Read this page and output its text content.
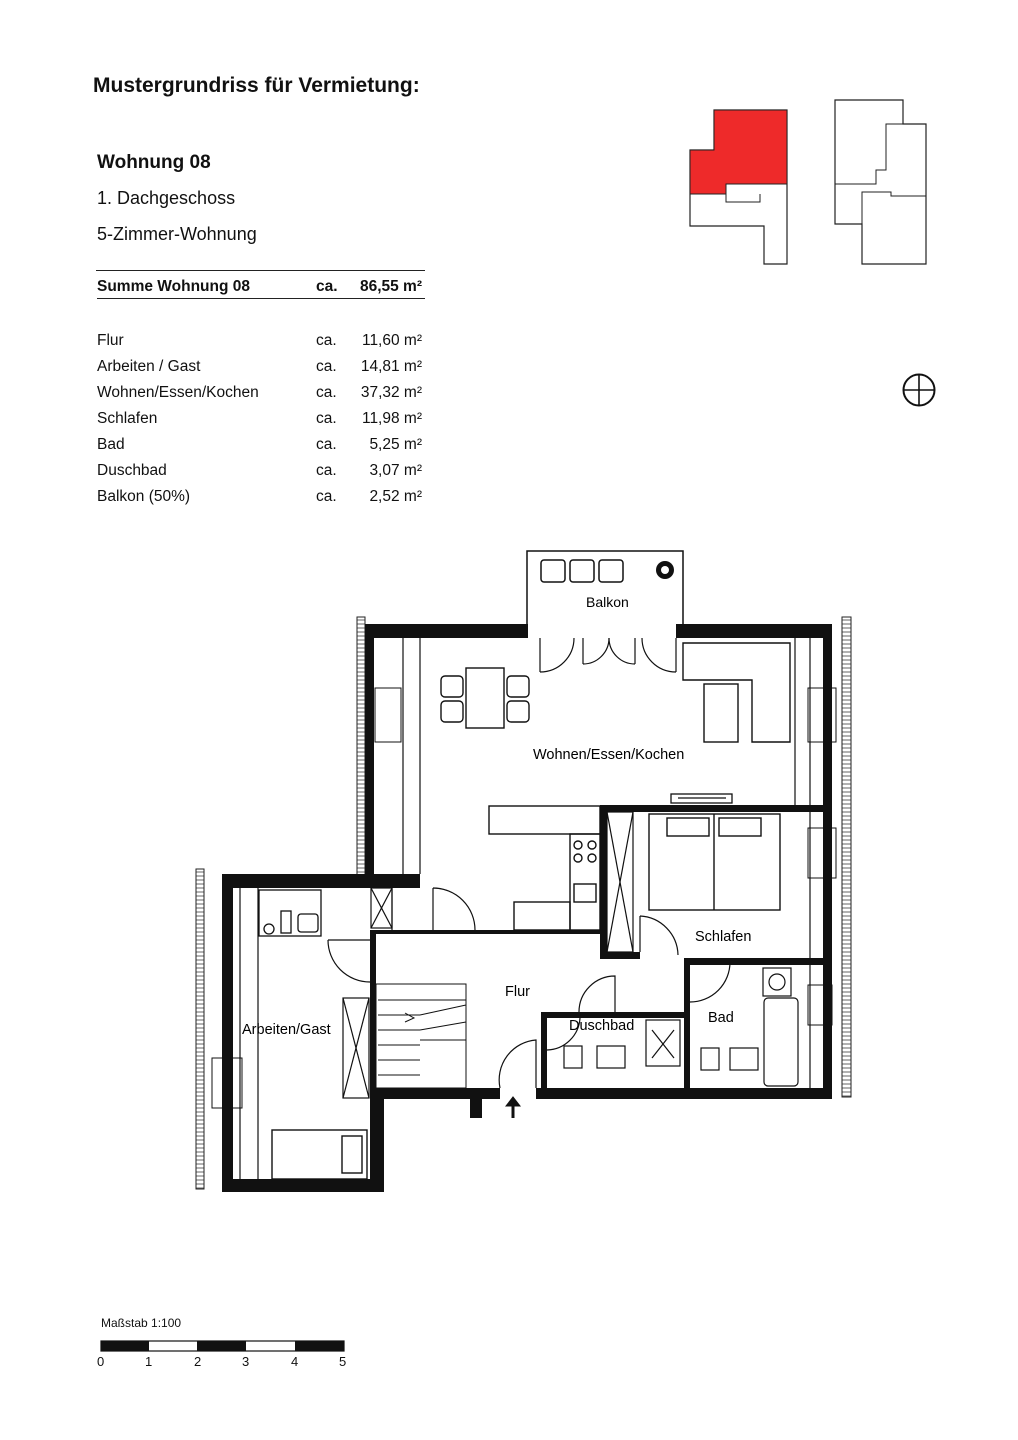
Mustergrundriss für Vermietung:
Wohnung 08
1. Dachgeschoss
5-Zimmer-Wohnung
Summe Wohnung 08	ca. 86,55 m²
Flur	ca. 11,60 m²
Arbeiten / Gast	ca. 14,81 m²
Wohnen/Essen/Kochen	ca. 37,32 m²
Schlafen	ca. 11,98 m²
Bad	ca. 5,25 m²
Duschbad	ca. 3,07 m²
Balkon (50%)	ca. 2,52 m²
Balkon
Wohnen/Essen/Kochen
Schlafen
Flur
Duschbad	Bad
Arbeiten/Gast
Maßstab 1:100
0	1	2	3	4	5
